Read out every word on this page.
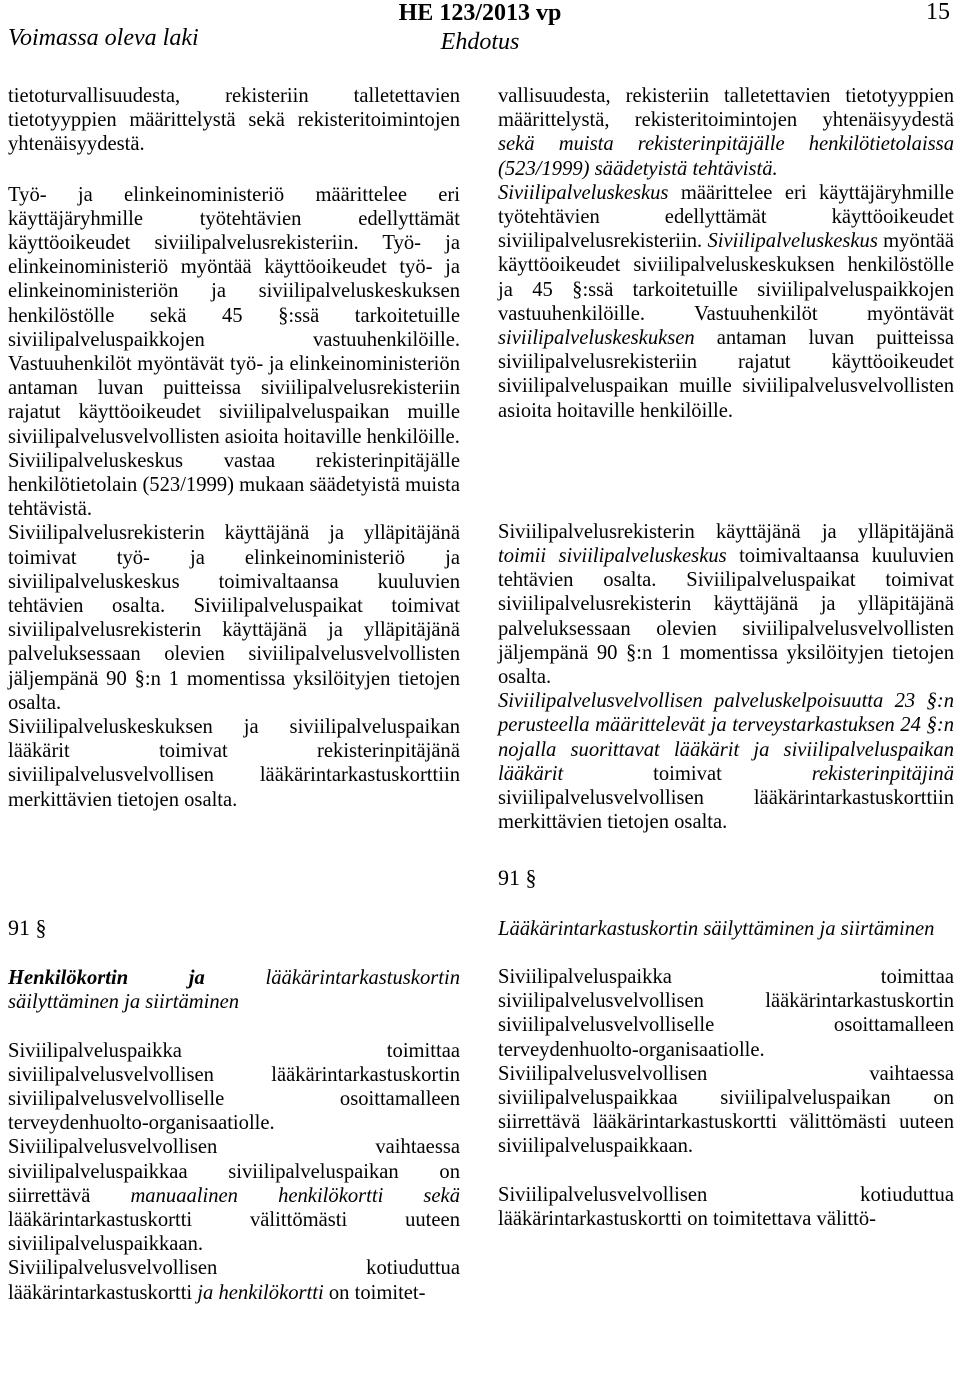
Voimassa oleva laki
HE 123/2013 vp
Ehdotus
15

tietoturvallisuudesta, rekisteriin talletettavien tietotyyppien määrittelystä sekä rekisteritoimintojen yhtenäisyydestä.

Työ- ja elinkeinoministeriö määrittelee eri käyttäjäryhmille työtehtävien edellyttämät käyttöoikeudet siviilipalvelusrekisteriin. Työ- ja elinkeinoministeriö myöntää käyttöoikeudet työ- ja elinkeinoministeriön ja siviilipalveluskeskuksen henkilöstölle sekä 45 §:ssä tarkoitetuille siviilipalveluspaikkojen vastuuhenkilöille. Vastuuhenkilöt myöntävät työ- ja elinkeinoministeriön antaman luvan puitteissa siviilipalvelusrekisteriin rajatut käyttöoikeudet siviilipalveluspaikan muille siviilipalvelusvelvollisten asioita hoitaville henkilöille.

Siviilipalveluskeskus vastaa rekisterinpitäjälle henkilötietolain (523/1999) mukaan säädetyistä muista tehtävistä.

Siviilipalvelusrekisterin käyttäjänä ja ylläpitäjänä toimivat työ- ja elinkeinoministeriö ja siviilipalveluskeskus toimivaltaansa kuuluvien tehtävien osalta. Siviilipalveluspaikat toimivat siviilipalvelusrekisterin käyttäjänä ja ylläpitäjänä palveluksessaan olevien siviilipalvelusvelvollisten jäljempänä 90 §:n 1 momentissa yksilöityjen tietojen osalta.

Siviilipalveluskeskuksen ja siviilipalveluspaikan lääkärit toimivat rekisterinpitäjänä siviilipalvelusvelvollisen lääkärintarkastuskorttiin merkittävien tietojen osalta.

91 §

Henkilökortin ja lääkärintarkastuskortin säilyttäminen ja siirtäminen

Siviilipalveluspaikka toimittaa siviilipalvelusvelvollisen lääkärintarkastuskortin siviilipalvelusvelvolliselle osoittamalleen terveydenhuolto-organisaatiolle.

Siviilipalvelusvelvollisen vaihtaessa siviilipalveluspaikkaa siviilipalveluspaikan on siirrettävä manuaalinen henkilökortti sekä lääkärintarkastuskortti välittömästi uuteen siviilipalveluspaikkaan.

Siviilipalvelusvelvollisen kotiuduttua lääkärintarkastuskortti ja henkilökortti on toimitet-

vallisuudesta, rekisteriin talletettavien tietotyyppien määrittelystä, rekisteritoimintojen yhtenäisyydestä sekä muista rekisterinpitäjälle henkilötietolaissa (523/1999) säädetyistä tehtävistä.

Siviilipalveluskeskus määrittelee eri käyttäjäryhmille työtehtävien edellyttämät käyttöoikeudet siviilipalvelusrekisteriin. Siviilipalveluskeskus myöntää käyttöoikeudet siviilipalveluskeskuksen henkilöstölle ja 45 §:ssä tarkoitetuille siviilipalveluspaikkojen vastuuhenkilöille. Vastuuhenkilöt myöntävät siviilipalveluskeskuksen antaman luvan puitteissa siviilipalvelusrekisteriin rajatut käyttöoikeudet siviilipalveluspaikan muille siviilipalvelusvelvollisten asioita hoitaville henkilöille.

Siviilipalvelusrekisterin käyttäjänä ja ylläpitäjänä toimii siviilipalveluskeskus toimivaltaansa kuuluvien tehtävien osalta. Siviilipalveluspaikat toimivat siviilipalvelusrekisterin käyttäjänä ja ylläpitäjänä palveluksessaan olevien siviilipalvelusvelvollisten jäljempänä 90 §:n 1 momentissa yksilöityjen tietojen osalta.

Siviilipalvelusvelvollisen palveluskelpoisuutta 23 §:n perusteella määrittelevät ja terveystarkastuksen 24 §:n nojalla suorittavat lääkärit ja siviilipalveluspaikan lääkärit toimivat rekisterinpitäjinä siviilipalvelusvelvollisen lääkärintarkastuskorttiin merkittävien tietojen osalta.

91 §

Lääkärintarkastuskortin säilyttäminen ja siirtäminen

Siviilipalveluspaikka toimittaa siviilipalvelusvelvollisen lääkärintarkastuskortin siviilipalvelusvelvolliselle osoittamalleen terveydenhuolto-organisaatiolle.

Siviilipalvelusvelvollisen vaihtaessa siviilipalveluspaikkaa siviilipalveluspaikan on siirrettävä lääkärintarkastuskortti välittömästi uuteen siviilipalveluspaikkaan.

Siviilipalvelusvelvollisen kotiuduttua lääkärintarkastuskortti on toimitettava välittö-
